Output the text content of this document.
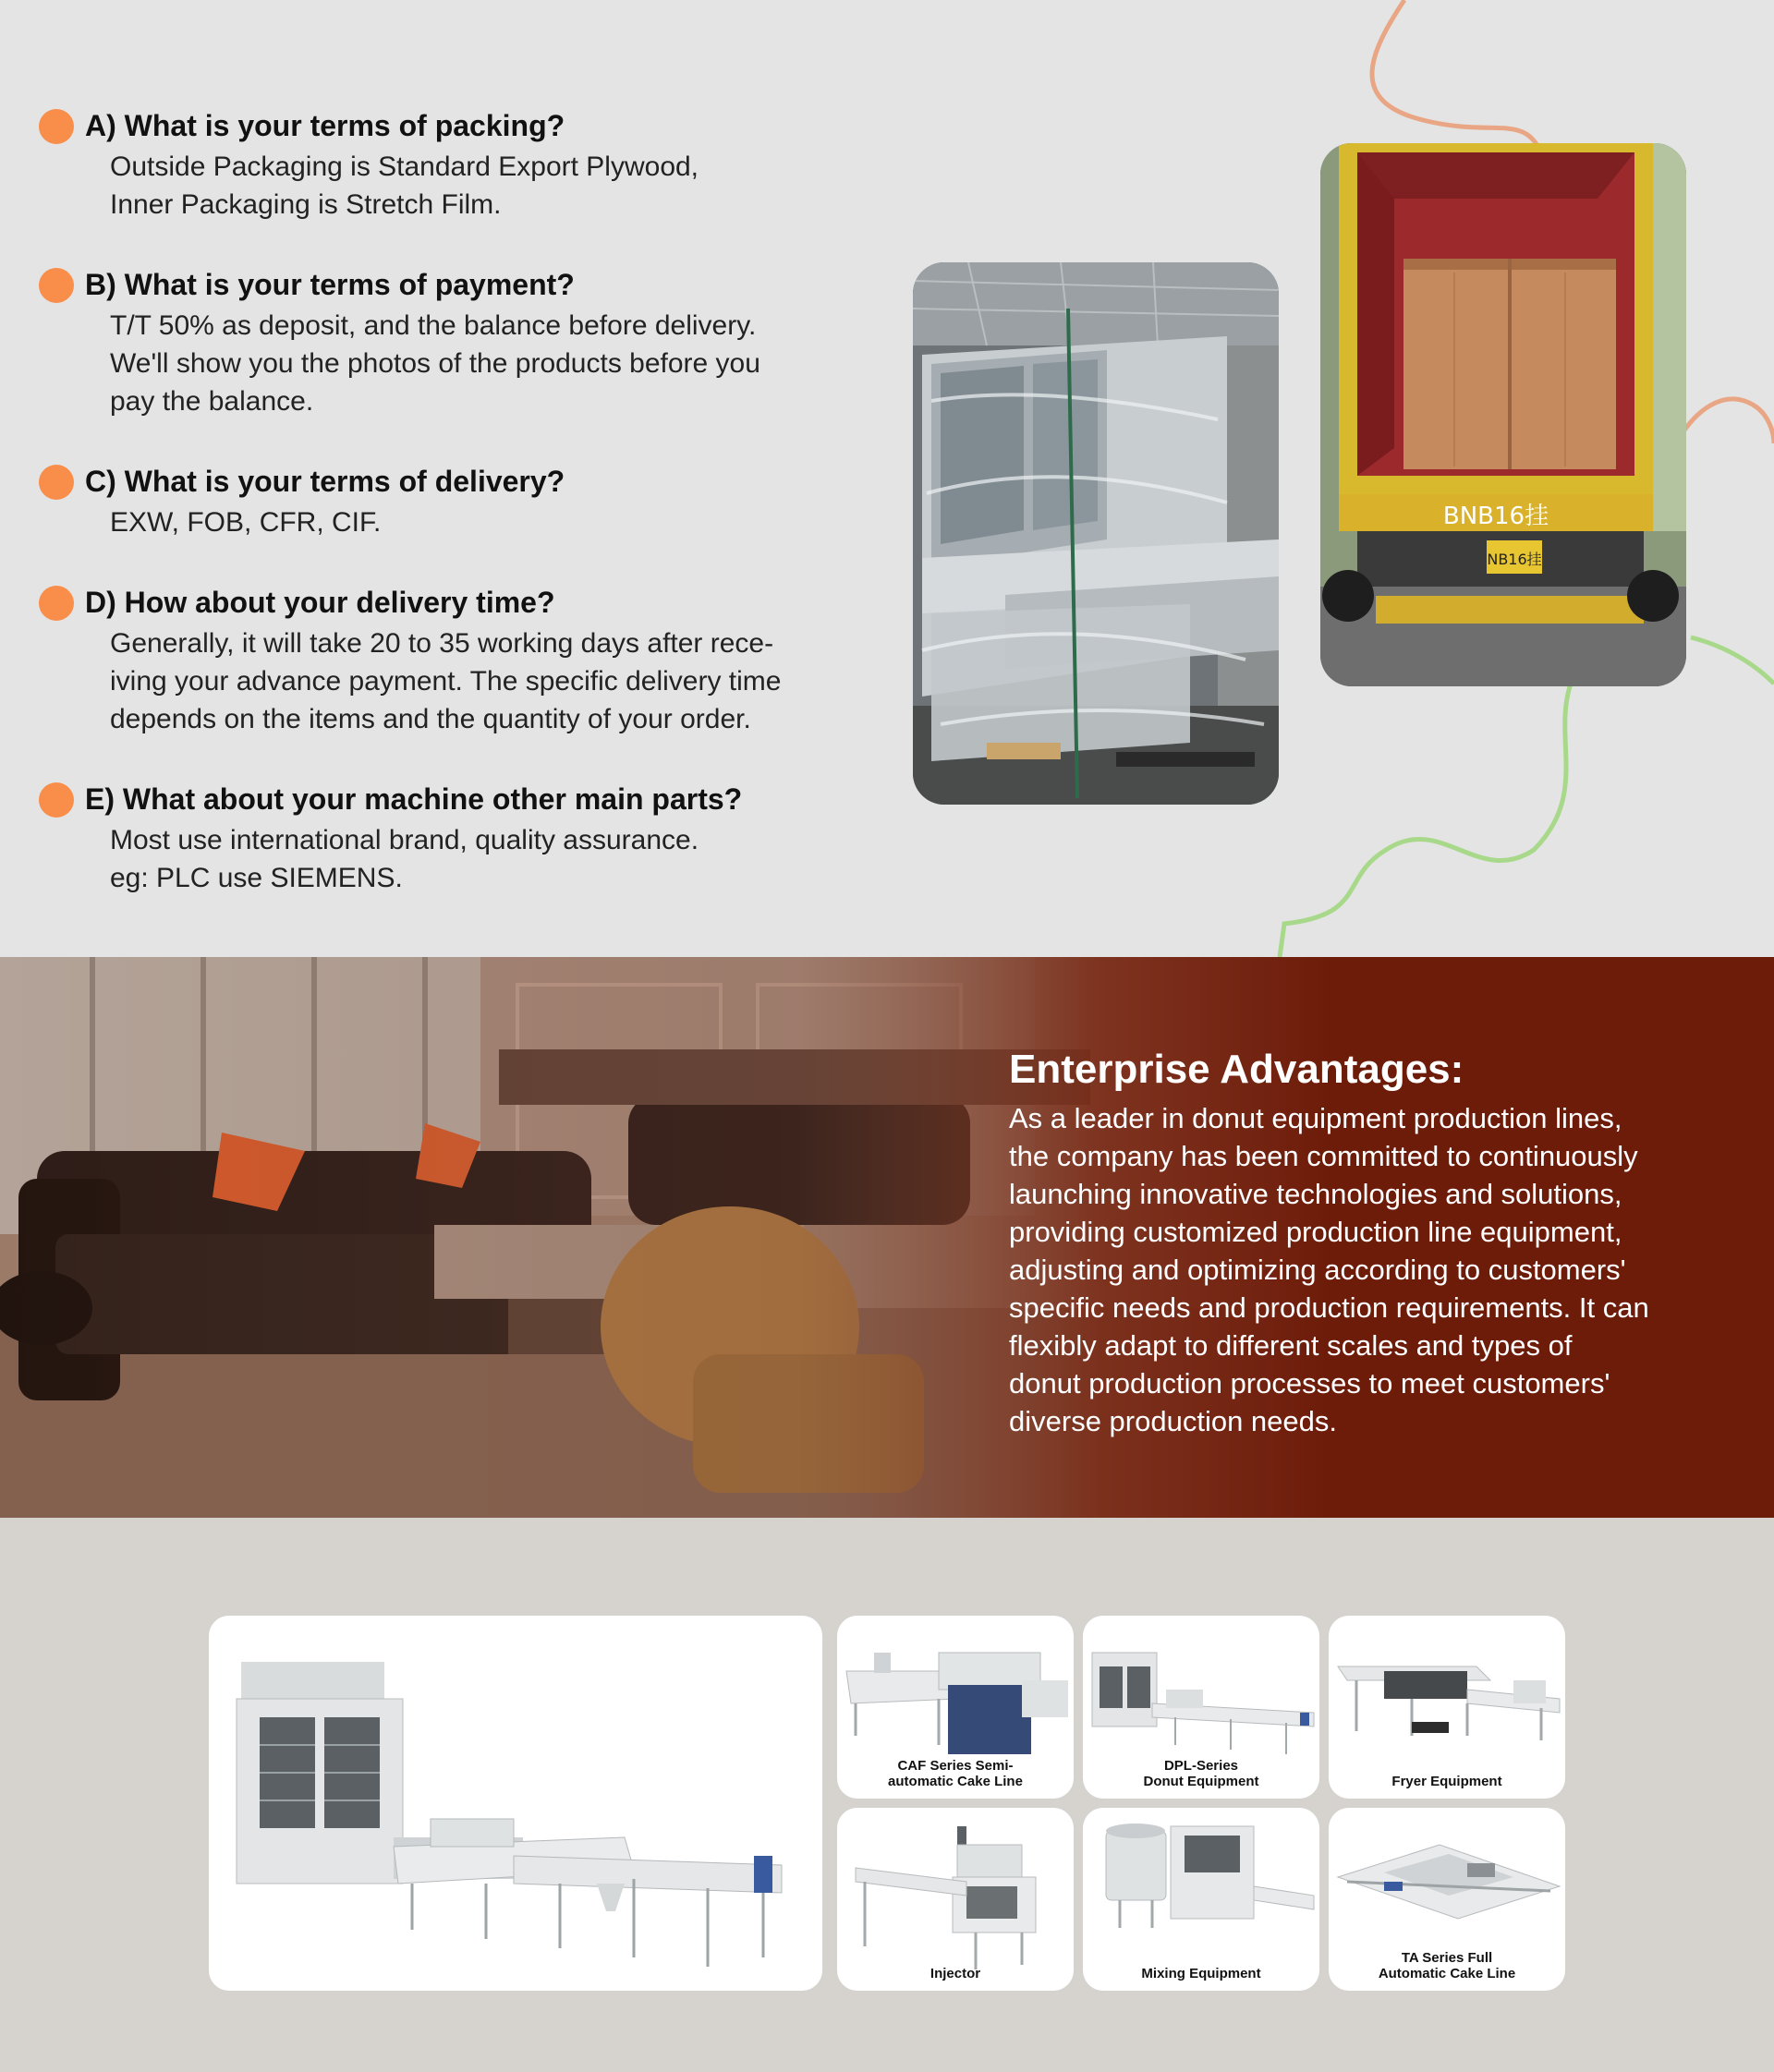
A) What is your terms of packing?
Outside Packaging is Standard Export Plywood,
Inner Packaging is Stretch Film.
B) What is your terms of payment?
T/T 50% as deposit, and the balance before delivery.
We'll show you the photos of the products before you
pay the balance.
C) What is your terms of delivery?
EXW, FOB, CFR, CIF.
D) How about your delivery time?
Generally, it will take 20 to 35 working days after rece-
iving your advance payment. The specific delivery time
depends on the items and the quantity of your order.
E) What about your machine other main parts?
Most use international brand, quality assurance.
eg: PLC use SIEMENS.
BNB16挂
NB16挂
Enterprise Advantages:
As a leader in donut equipment production lines,
the company has been committed to continuously
launching innovative technologies and solutions,
providing customized production line equipment,
adjusting and optimizing according to customers'
specific needs and production requirements. It can
flexibly adapt to different scales and types of
donut production processes to meet customers'
diverse production needs.
CAF Series Semi-
automatic Cake Line
DPL-Series
Donut Equipment	Fryer Equipment
Injector	Mixing Equipment
TA Series Full
Automatic Cake Line
